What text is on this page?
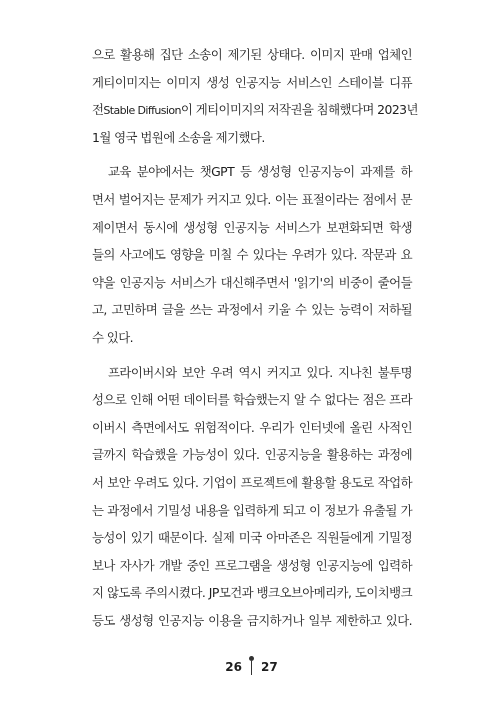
으로 활용해 집단 소송이 제기된 상태다. 이미지 판매 업체인
게티이미지는 이미지 생성 인공지능 서비스인 스테이블 디퓨
전Stable Diffusion이 게티이미지의 저작권을 침해했다며 2023년
1월 영국 법원에 소송을 제기했다.
교육 분야에서는 챗GPT 등 생성형 인공지능이 과제를 하
면서 벌어지는 문제가 커지고 있다. 이는 표절이라는 점에서 문
제이면서 동시에 생성형 인공지능 서비스가 보편화되면 학생
들의 사고에도 영향을 미칠 수 있다는 우려가 있다. 작문과 요
약을 인공지능 서비스가 대신해주면서 '읽기'의 비중이 줄어들
고, 고민하며 글을 쓰는 과정에서 키울 수 있는 능력이 저하될
수 있다.
프라이버시와 보안 우려 역시 커지고 있다. 지나친 불투명
성으로 인해 어떤 데이터를 학습했는지 알 수 없다는 점은 프라
이버시 측면에서도 위험적이다. 우리가 인터넷에 올린 사적인
글까지 학습했을 가능성이 있다. 인공지능을 활용하는 과정에
서 보안 우려도 있다. 기업이 프로젝트에 활용할 용도로 작업하
는 과정에서 기밀성 내용을 입력하게 되고 이 정보가 유출될 가
능성이 있기 때문이다. 실제 미국 아마존은 직원들에게 기밀정
보나 자사가 개발 중인 프로그램을 생성형 인공지능에 입력하
지 않도록 주의시켰다. JP모건과 뱅크오브아메리카, 도이치뱅크
등도 생성형 인공지능 이용을 금지하거나 일부 제한하고 있다.
26 27
